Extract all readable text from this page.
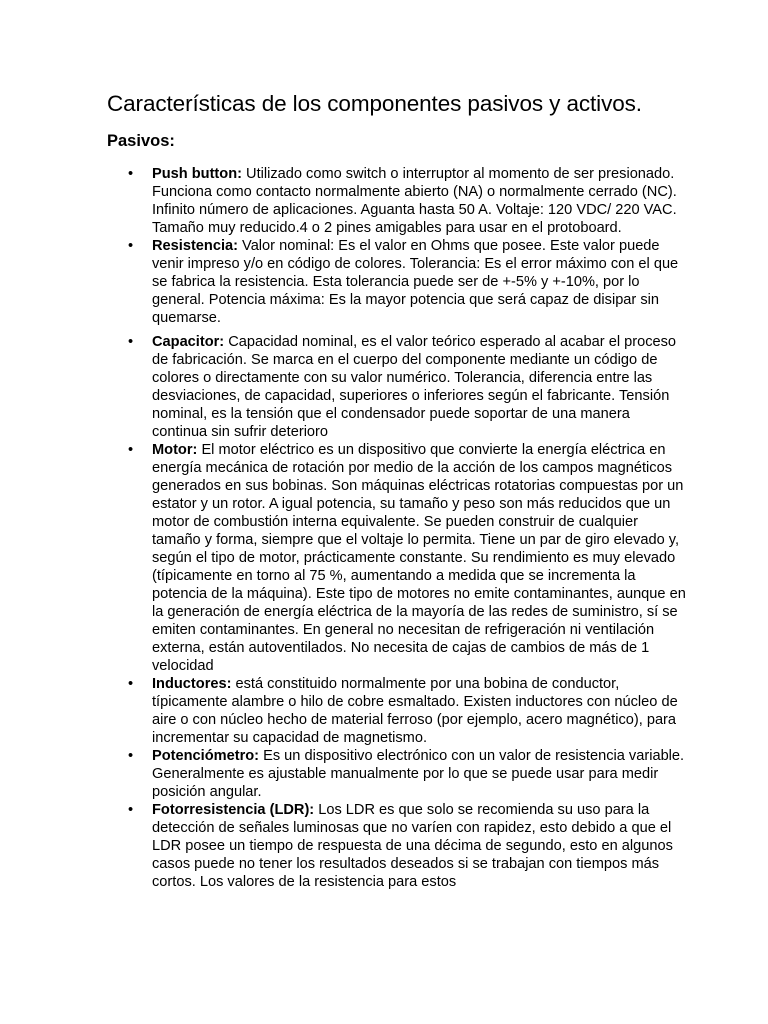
Características de los componentes pasivos y activos.
Pasivos:
• Push button: Utilizado como switch o interruptor al momento de ser presionado. Funciona como contacto normalmente abierto (NA) o normalmente cerrado (NC). Infinito número de aplicaciones. Aguanta hasta 50 A. Voltaje: 120 VDC/ 220 VAC. Tamaño muy reducido.4 o 2 pines amigables para usar en el protoboard.
• Resistencia: Valor nominal: Es el valor en Ohms que posee. Este valor puede venir impreso y/o en código de colores. Tolerancia: Es el error máximo con el que se fabrica la resistencia. Esta tolerancia puede ser de +-5% y +-10%, por lo general. Potencia máxima: Es la mayor potencia que será capaz de disipar sin quemarse.
• Capacitor: Capacidad nominal, es el valor teórico esperado al acabar el proceso de fabricación. Se marca en el cuerpo del componente mediante un código de colores o directamente con su valor numérico. Tolerancia, diferencia entre las desviaciones, de capacidad, superiores o inferiores según el fabricante. Tensión nominal, es la tensión que el condensador puede soportar de una manera continua sin sufrir deterioro
• Motor: El motor eléctrico es un dispositivo que convierte la energía eléctrica en energía mecánica de rotación por medio de la acción de los campos magnéticos generados en sus bobinas. Son máquinas eléctricas rotatorias compuestas por un estator y un rotor. A igual potencia, su tamaño y peso son más reducidos que un motor de combustión interna equivalente. Se pueden construir de cualquier tamaño y forma, siempre que el voltaje lo permita. Tiene un par de giro elevado y, según el tipo de motor, prácticamente constante. Su rendimiento es muy elevado (típicamente en torno al 75 %, aumentando a medida que se incrementa la potencia de la máquina). Este tipo de motores no emite contaminantes, aunque en la generación de energía eléctrica de la mayoría de las redes de suministro, sí se emiten contaminantes. En general no necesitan de refrigeración ni ventilación externa, están autoventilados. No necesita de cajas de cambios de más de 1 velocidad
• Inductores: está constituido normalmente por una bobina de conductor, típicamente alambre o hilo de cobre esmaltado. Existen inductores con núcleo de aire o con núcleo hecho de material ferroso (por ejemplo, acero magnético), para incrementar su capacidad de magnetismo.
• Potenciómetro: Es un dispositivo electrónico con un valor de resistencia variable. Generalmente es ajustable manualmente por lo que se puede usar para medir posición angular.
• Fotorresistencia (LDR): Los LDR es que solo se recomienda su uso para la detección de señales luminosas que no varíen con rapidez, esto debido a que el LDR posee un tiempo de respuesta de una décima de segundo, esto en algunos casos puede no tener los resultados deseados si se trabajan con tiempos más cortos. Los valores de la resistencia para estos
